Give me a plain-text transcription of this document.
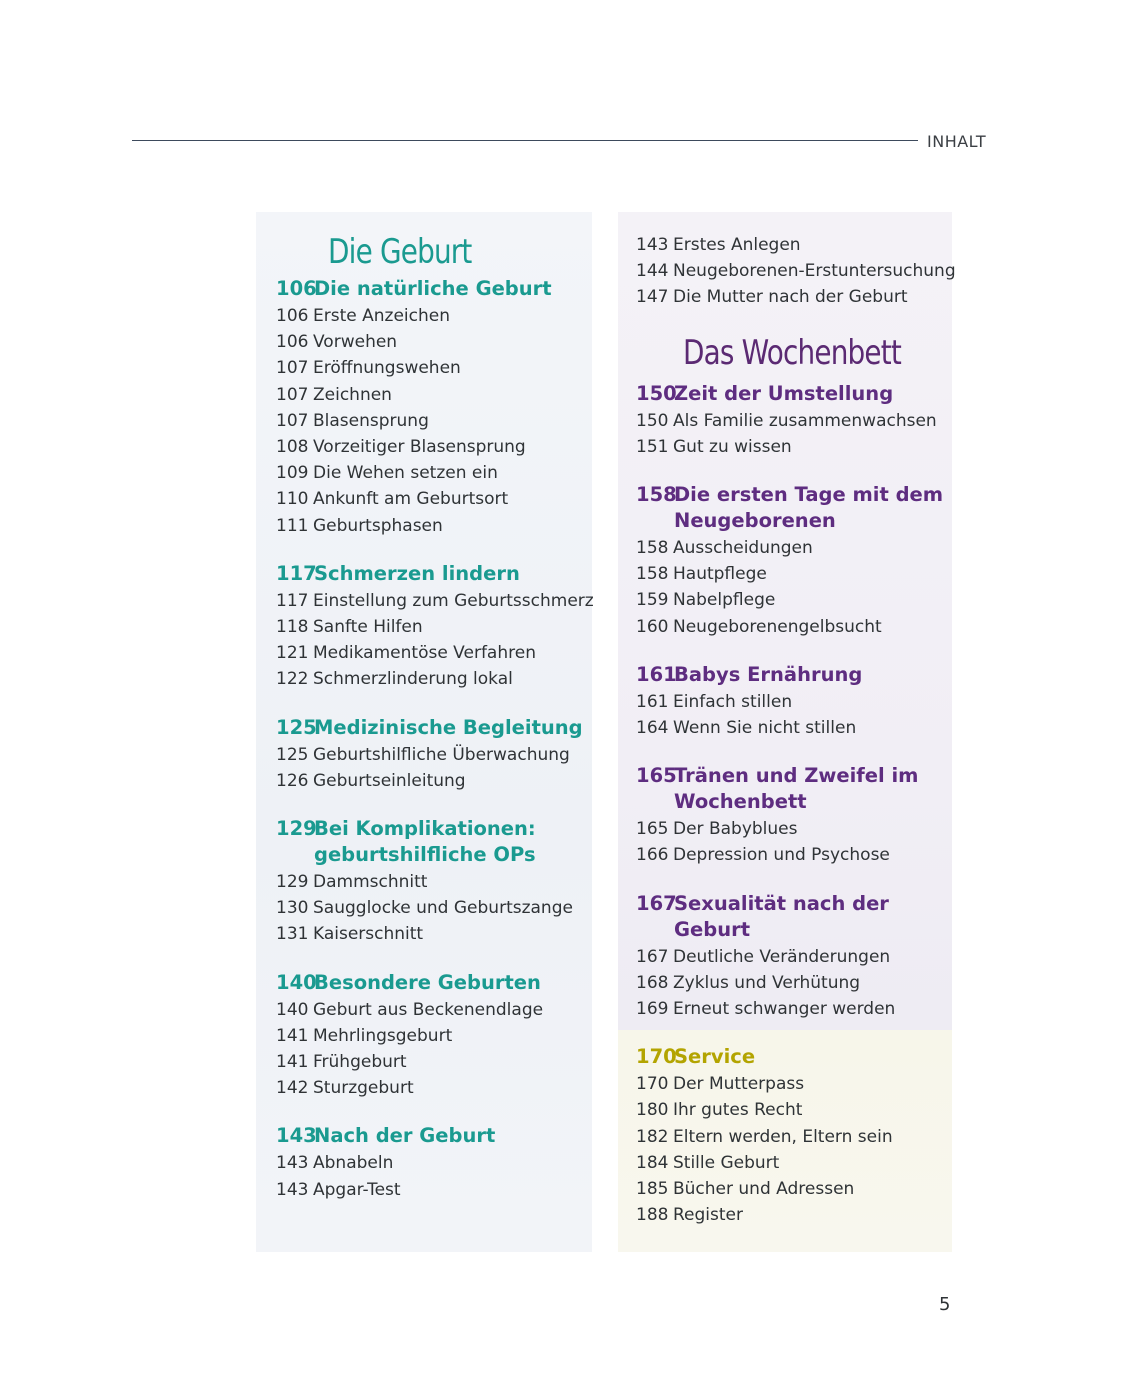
INHALT
Die Geburt
106
Die natürliche Geburt
106 Erste Anzeichen
106 Vorwehen
107 Eröffnungswehen
107 Zeichnen
107 Blasensprung
108 Vorzeitiger Blasensprung
109 Die Wehen setzen ein
110 Ankunft am Geburtsort
111 Geburtsphasen
117
Schmerzen lindern
117 Einstellung zum Geburtsschmerz
118 Sanfte Hilfen
121 Medikamentöse Verfahren
122 Schmerzlinderung lokal
125
Medizinische Begleitung
125 Geburtshilfliche Überwachung
126 Geburtseinleitung
129
Bei Komplikationen: geburtshilfliche OPs
129 Dammschnitt
130 Saugglocke und Geburtszange
131 Kaiserschnitt
140
Besondere Geburten
140 Geburt aus Beckenendlage
141 Mehrlingsgeburt
141 Frühgeburt
142 Sturzgeburt
143
Nach der Geburt
143 Abnabeln
143 Apgar-Test
143 Erstes Anlegen
144 Neugeborenen-Erstuntersuchung
147 Die Mutter nach der Geburt
Das Wochenbett
150
Zeit der Umstellung
150 Als Familie zusammenwachsen
151 Gut zu wissen
158
Die ersten Tage mit dem Neugeborenen
158 Ausscheidungen
158 Hautpflege
159 Nabelpflege
160 Neugeborenengelbsucht
161
Babys Ernährung
161 Einfach stillen
164 Wenn Sie nicht stillen
165
Tränen und Zweifel im Wochenbett
165 Der Babyblues
166 Depression und Psychose
167
Sexualität nach der Geburt
167 Deutliche Veränderungen
168 Zyklus und Verhütung
169 Erneut schwanger werden
170
Service
170 Der Mutterpass
180 Ihr gutes Recht
182 Eltern werden, Eltern sein
184 Stille Geburt
185 Bücher und Adressen
188 Register
5
